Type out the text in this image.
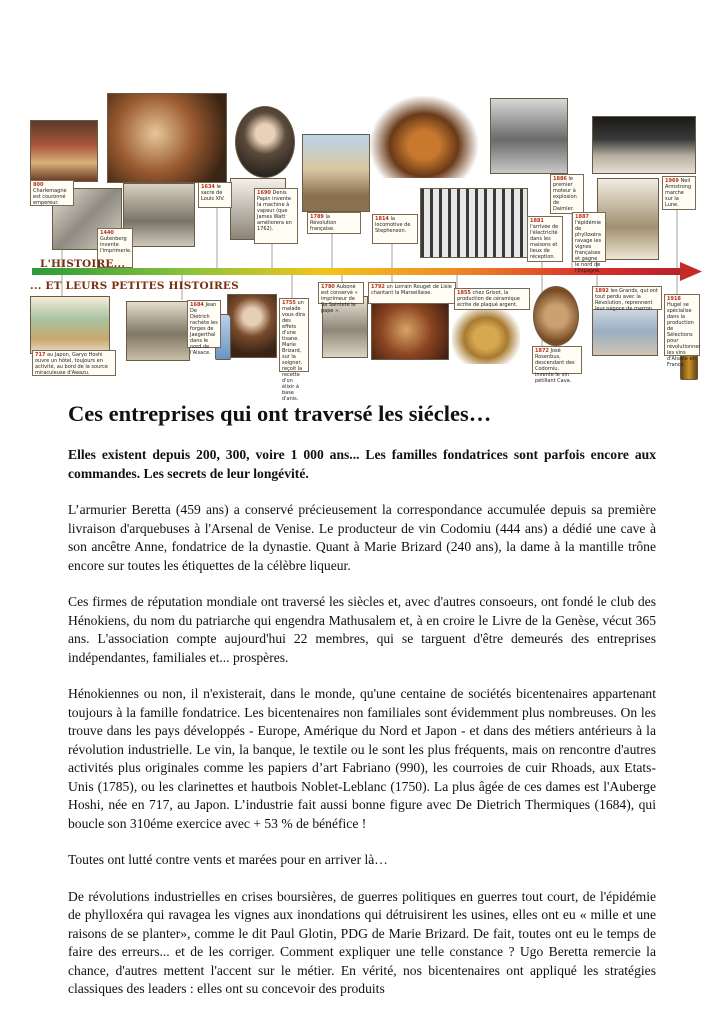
800 Charlemagne est couronné empereur.
1440 Gutenberg invente l'imprimerie.
1634 le sacre de Louis XIV.
1690 Denis Papin invente la machine à vapeur (que James Watt améliorera en 1762).
1789 la Révolution française.
1814 la locomotive de Stephenson.
1881 l'arrivée de l'électricité dans les maisons et lieux de réception.
1886 le premier moteur à explosion de Daimler.
1887 l'épidémie de phylloxéra ravage les vignes françaises et gagne le nord de l'Espagne.
1969 Neil Armstrong marche sur la Lune.
L'HISTOIRE...
... ET LEURS PETITES HISTOIRES
717 au Japon, Garyo Hoshi ouvre un hôtel, toujours en activité, au bord de la source miraculeuse d'Awazu.
1684 Jean De Dietrich rachète les forges de Jaegerthal dans le nord de l'Alsace.
1755 un malade vous dira des effets d'une tisane. Marie Brizard, sur la soigner, reçoit la recette d'un élixir à base d'anis.
1780 Auboné est conservé « imprimeur de Sa Sainteté le pape ».
1792 un Lorrain Rouget de Lisle chantant la Marseillaise.	1855 chez Grisot, la production de céramique écrite de plaqué argent.
1872 José Rosenbus, descendant des Codorníu, invente le vin pétillant Cava.
1892 les Grands, qui ont tout perdu avec la Révolution, reprennent leur négoce de marron.
1918 Hugel se spécialise dans la production de Sélections pour révolutionner les vins d'Alsace en France.
Ces entreprises qui ont traversé les siécles…

Elles existent depuis 200, 300, voire 1 000 ans... Les familles fondatrices sont parfois encore aux commandes. Les secrets de leur longévité.

L’armurier Beretta (459 ans) a conservé précieusement la correspondance accumulée depuis sa première livraison d'arquebuses à l'Arsenal de Venise. Le producteur de vin Codomiu (444 ans) a dédié une cave à son ancêtre Anne, fondatrice de la dynastie. Quant à Marie Brizard (240 ans), la dame à la mantille trône encore sur toutes les étiquettes de la célèbre liqueur.

Ces firmes de réputation mondiale ont traversé les siècles et, avec d'autres consoeurs, ont fondé le club des Hénokiens, du nom du patriarche qui engendra Mathusalem et, à en croire le Livre de la Genèse, vécut 365 ans. L'association compte aujourd'hui 22 membres, qui se targuent d'être demeurés des entreprises indépendantes, familiales et... prospères.

Hénokiennes ou non, il n'existerait, dans le monde, qu'une centaine de sociétés bicentenaires appartenant toujours à la famille fondatrice. Les bicentenaires non familiales sont évidemment plus nombreuses. On les trouve dans les pays développés - Europe, Amérique du Nord et Japon - et dans des métiers antérieurs à la révolution industrielle. Le vin, la banque, le textile ou le sont les plus fréquents, mais on rencontre d'autres activités plus originales comme les papiers d’art Fabriano (990), les courroies de cuir Rhoads, aux Etats-Unis (1785), ou les clarinettes et hautbois Noblet-Leblanc (1750). La plus âgée de ces dames est l'Auberge Hoshi, née en 717, au Japon. L’industrie fait aussi bonne figure avec De Dietrich Thermiques (1684), qui boucle son 310éme exercice avec + 53 % de bénéfice !

Toutes ont lutté contre vents et marées pour en arriver là…

De révolutions industrielles en crises boursières, de guerres politiques en guerres tout court, de l'épidémie de phylloxéra qui ravagea les vignes aux inondations qui détruisirent les usines, elles ont eu « mille et une raisons de se planter», comme le dit Paul Glotin, PDG de Marie Brizard. De fait, toutes ont eu le temps de faire des erreurs... et de les corriger. Comment expliquer une telle constance ? Ugo Beretta remercie la chance, d'autres mettent l'accent sur le métier. En vérité, nos bicentenaires ont appliqué les stratégies classiques des leaders : elles ont su concevoir des produits
